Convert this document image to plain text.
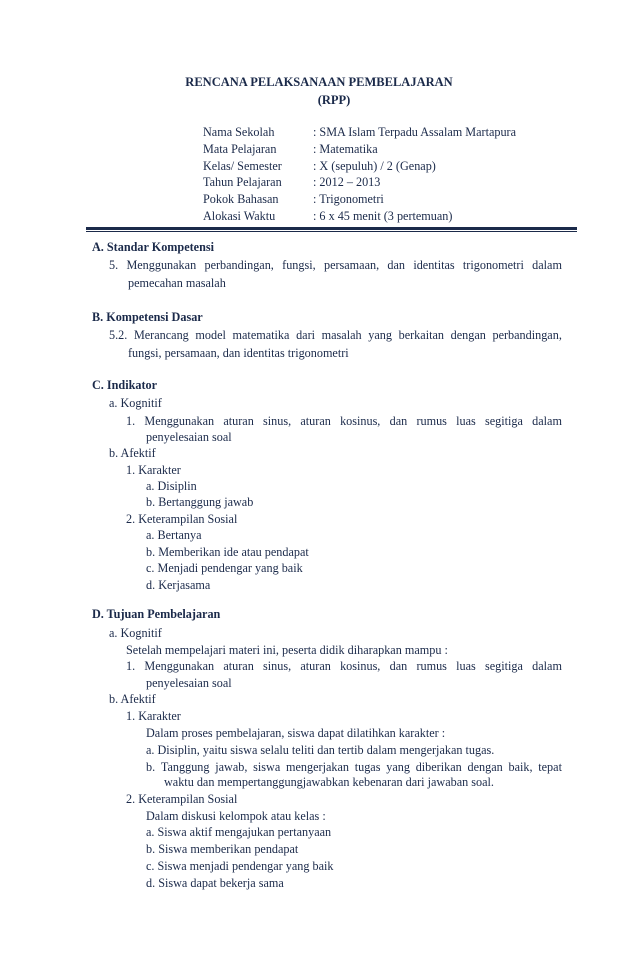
RENCANA PELAKSANAAN PEMBELAJARAN
(RPP)
Nama Sekolah	: SMA Islam Terpadu Assalam Martapura
Mata Pelajaran	: Matematika
Kelas/ Semester	: X (sepuluh) / 2 (Genap)
Tahun Pelajaran	: 2012 – 2013
Pokok Bahasan	: Trigonometri
Alokasi Waktu	: 6 x 45 menit (3 pertemuan)
A. Standar Kompetensi
5. Menggunakan perbandingan, fungsi, persamaan, dan identitas trigonometri dalam
pemecahan masalah
B. Kompetensi Dasar
5.2. Merancang model matematika dari masalah yang berkaitan dengan perbandingan,
fungsi, persamaan, dan identitas trigonometri
C. Indikator
a. Kognitif
1. Menggunakan aturan sinus, aturan kosinus, dan rumus luas segitiga dalam
penyelesaian soal
b. Afektif
1. Karakter
a. Disiplin
b. Bertanggung jawab
2. Keterampilan Sosial
a. Bertanya
b. Memberikan ide atau pendapat
c. Menjadi pendengar yang baik
d. Kerjasama
D. Tujuan Pembelajaran
a. Kognitif
Setelah mempelajari materi ini, peserta didik diharapkan mampu :
1. Menggunakan aturan sinus, aturan kosinus, dan rumus luas segitiga dalam
penyelesaian soal
b. Afektif
1. Karakter
Dalam proses pembelajaran, siswa dapat dilatihkan karakter :
a. Disiplin, yaitu siswa selalu teliti dan tertib dalam mengerjakan tugas.
b. Tanggung jawab, siswa mengerjakan tugas yang diberikan dengan baik, tepat
waktu dan mempertanggungjawabkan kebenaran dari jawaban soal.
2. Keterampilan Sosial
Dalam diskusi kelompok atau kelas :
a. Siswa aktif mengajukan pertanyaan
b. Siswa memberikan pendapat
c. Siswa menjadi pendengar yang baik
d. Siswa dapat bekerja sama
